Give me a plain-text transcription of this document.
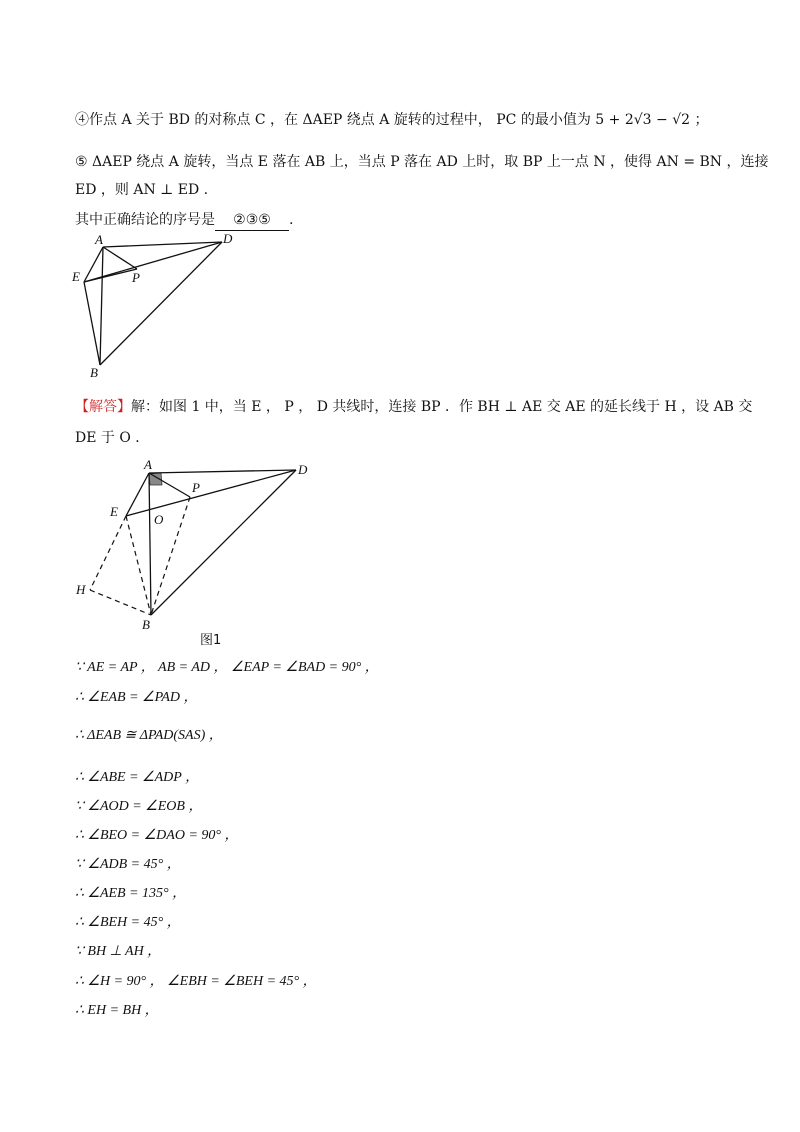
④作点 A 关于 BD 的对称点 C ，在 ΔAEP 绕点 A 旋转的过程中， PC 的最小值为 5 + 2√3 − √2 ；
⑤ ΔAEP 绕点 A 旋转，当点 E 落在 AB 上，当点 P 落在 AD 上时，取 BP 上一点 N ，使得 AN = BN ，连接
ED ，则 AN ⊥ ED .
其中正确结论的序号是 ②③⑤ .
A	D
E	P
B
【解答】解：如图 1 中，当 E ， P ， D 共线时，连接 BP ．作 BH ⊥ AE 交 AE 的延长线于 H ，设 AB 交
DE 于 O ．
A	D
E
P
O
H
B
图1
∵ AE = AP ， AB = AD ， ∠EAP = ∠BAD = 90° ，
∴ ∠EAB = ∠PAD ，
∴ ΔEAB ≅ ΔPAD(SAS) ，
∴ ∠ABE = ∠ADP ，
∵ ∠AOD = ∠EOB ，
∴ ∠BEO = ∠DAO = 90° ，
∵ ∠ADB = 45° ，
∴ ∠AEB = 135° ，
∴ ∠BEH = 45° ，
∵ BH ⊥ AH ，
∴ ∠H = 90° ， ∠EBH = ∠BEH = 45° ，
∴ EH = BH ，
